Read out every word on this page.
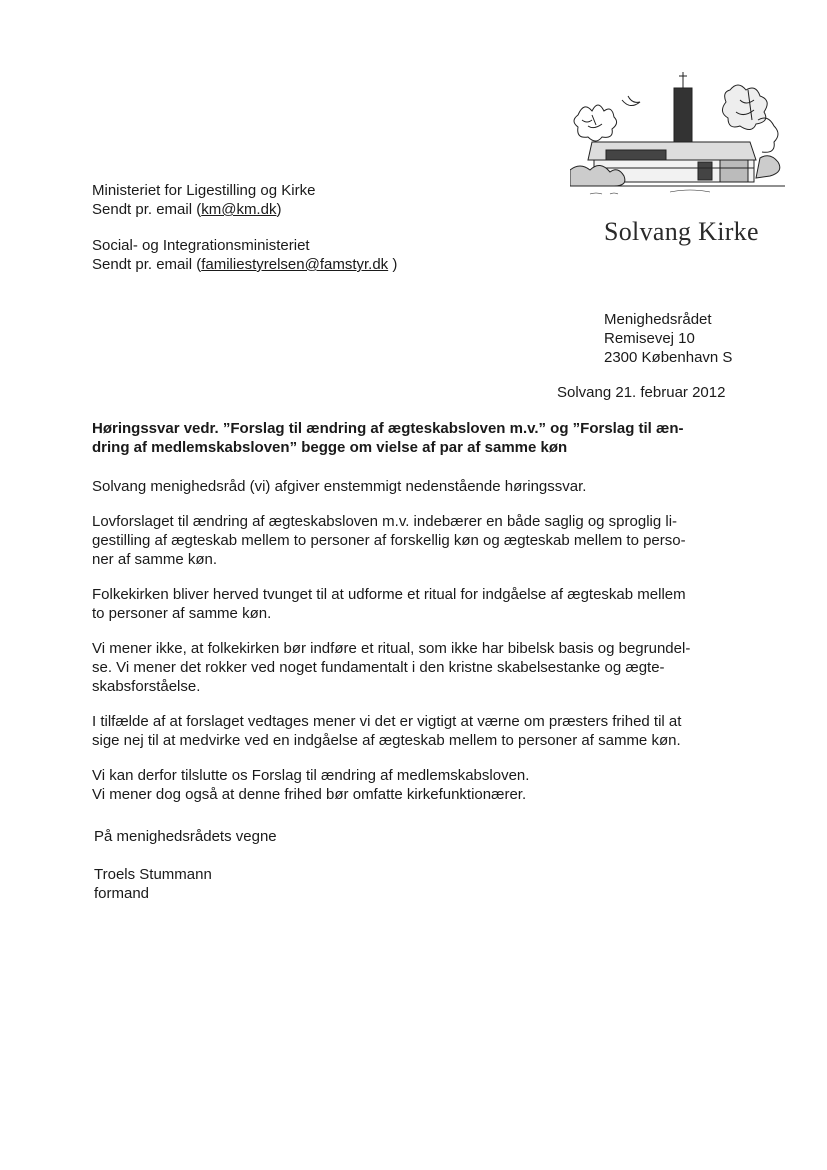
Ministeriet for Ligestilling og Kirke
Sendt pr. email (km@km.dk)
Social- og Integrationsministeriet
Sendt pr. email (familiestyrelsen@famstyr.dk )
Solvang Kirke
Menighedsrådet
Remisevej 10
2300 København S
Solvang 21. februar 2012
Høringssvar vedr. ”Forslag til ændring af ægteskabsloven m.v.” og ”Forslag til æn-
dring af medlemskabsloven” begge om vielse af par af samme køn
Solvang menighedsråd (vi) afgiver enstemmigt nedenstående høringssvar.
Lovforslaget til ændring af ægteskabsloven m.v. indebærer en både saglig og sproglig li-
gestilling af ægteskab mellem to personer af forskellig køn og ægteskab mellem to perso-
ner af samme køn.
Folkekirken bliver herved tvunget til at udforme et ritual for indgåelse af ægteskab mellem
to personer af samme køn.
Vi mener ikke, at folkekirken bør indføre et ritual, som ikke har bibelsk basis og begrundel-
se. Vi mener det rokker ved noget fundamentalt i den kristne skabelsestanke og ægte-
skabsforståelse.
I tilfælde af at forslaget vedtages mener vi det er vigtigt at værne om præsters frihed til at
sige nej til at medvirke ved en indgåelse af ægteskab mellem to personer af samme køn.
Vi kan derfor tilslutte os Forslag til ændring af medlemskabsloven.
Vi mener dog også at denne frihed bør omfatte kirkefunktionærer.
På menighedsrådets vegne
Troels Stummann
formand
